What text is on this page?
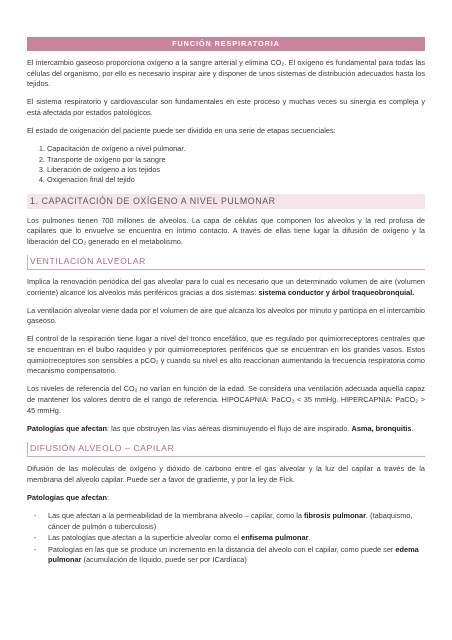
FUNCIÓN RESPIRATORIA

El intercambio gaseoso proporciona oxígeno a la sangre arterial y elimina CO₂. El oxígeno es fundamental para todas las células del organismo, por ello es necesario inspirar aire y disponer de unos sistemas de distribución adecuados hasta los tejidos.

El sistema respiratorio y cardiovascular son fundamentales en este proceso y muchas veces su sinergia es compleja y está afectada por estados patológicos.

El estado de oxigenación del paciente puede ser dividido en una serie de etapas secuenciales:

1. Capacitación de oxígeno a nivel pulmonar.
2. Transporte de oxígeno por la sangre
3. Liberación de oxígeno a los tejidos
4. Oxigenación final del tejido
1. CAPACITACIÓN DE OXÍGENO A NIVEL PULMONAR

Los pulmones tienen 700 millones de alveolos. La capa de células que componen los alveolos y la red profusa de capilares que lo envuelve se encuentra en íntimo contacto. A través de ellas tiene lugar la difusión de oxígeno y la liberación del CO₂ generado en el metabolismo.

VENTILACIÓN ALVEOLAR

Implica la renovación periódica del gas alveolar para lo cual es necesario que un determinado volumen de aire (volumen corriente) alcance los alveolos más periféricos gracias a dos sistemas: sistema conductor y árbol traqueobronquial.

La ventilación alveolar viene dada por el volumen de aire que alcanza los alveolos por minuto y participa en el intercambio gaseoso.

El control de la respiración tiene lugar a nivel del tronco encefálico, que es regulado por quimiorreceptores centrales que se encuentran en el bulbo raquídeo y por quimiorreceptores periféricos que se encuentran en los grandes vasos. Estos quimiorreceptores son sensibles a pCO₂ y cuando su nivel es alto reaccionan aumentando la frecuencia respiratoria como mecanismo compensatorio.

Los niveles de referencia del CO₂ no varían en función de la edad. Se considera una ventilación adecuada aquella capaz de mantener los valores dentro de el rango de referencia. HIPOCAPNIA: PaCO₂ < 35 mmHg. HIPERCAPNIA: PaCO₂ > 45 mmHg.

Patologías que afectan: las que obstruyen las vías aéreas disminuyendo el flujo de aire inspirado. Asma, bronquitis.

DIFUSIÓN ALVEOLO – CAPILAR

Difusión de las moléculas de oxígeno y dióxido de carbono entre el gas alveolar y la luz del capilar a través de la membrana del alveolo capilar. Puede ser a favor de gradiente, y por la ley de Fick.

Patologías que afectan:

- Las que afectan a la permeabilidad de la membrana alveolo – capilar, como la fibrosis pulmonar. (tabaquismo, cáncer de pulmón o tuberculosis)
- Las patologías que afectan a la superficie alveolar como el enfisema pulmonar.
- Patologías en las que se produce un incremento en la distancia del alveolo con el capilar, como puede ser edema pulmonar (acumulación de líquido, puede ser por ICardíaca)
